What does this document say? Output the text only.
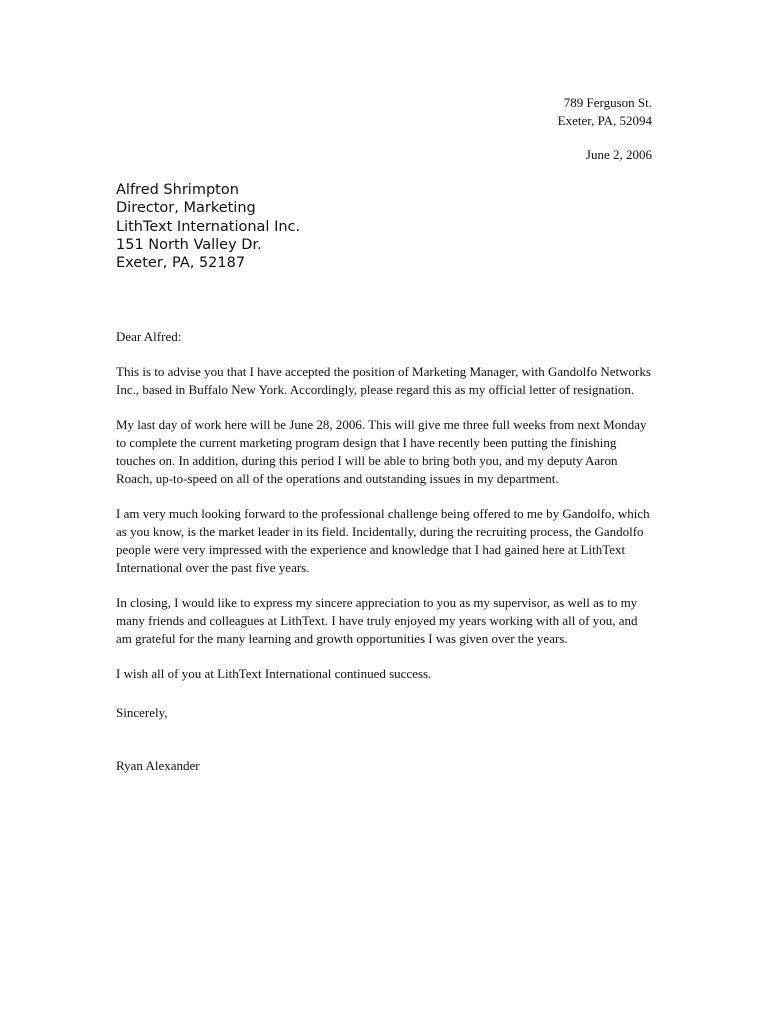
789 Ferguson St.
Exeter, PA, 52094
June 2, 2006
Alfred Shrimpton
Director, Marketing
LithText International Inc.
151 North Valley Dr.
Exeter, PA, 52187

Dear Alfred:

This is to advise you that I have accepted the position of Marketing Manager, with Gandolfo Networks Inc., based in Buffalo New York. Accordingly, please regard this as my official letter of resignation.

My last day of work here will be June 28, 2006. This will give me three full weeks from next Monday to complete the current marketing program design that I have recently been putting the finishing touches on. In addition, during this period I will be able to bring both you, and my deputy Aaron Roach, up-to-speed on all of the operations and outstanding issues in my department.

I am very much looking forward to the professional challenge being offered to me by Gandolfo, which as you know, is the market leader in its field. Incidentally, during the recruiting process, the Gandolfo people were very impressed with the experience and knowledge that I had gained here at LithText International over the past five years.

In closing, I would like to express my sincere appreciation to you as my supervisor, as well as to my many friends and colleagues at LithText. I have truly enjoyed my years working with all of you, and am grateful for the many learning and growth opportunities I was given over the years.

I wish all of you at LithText International continued success.

Sincerely,
Ryan Alexander
